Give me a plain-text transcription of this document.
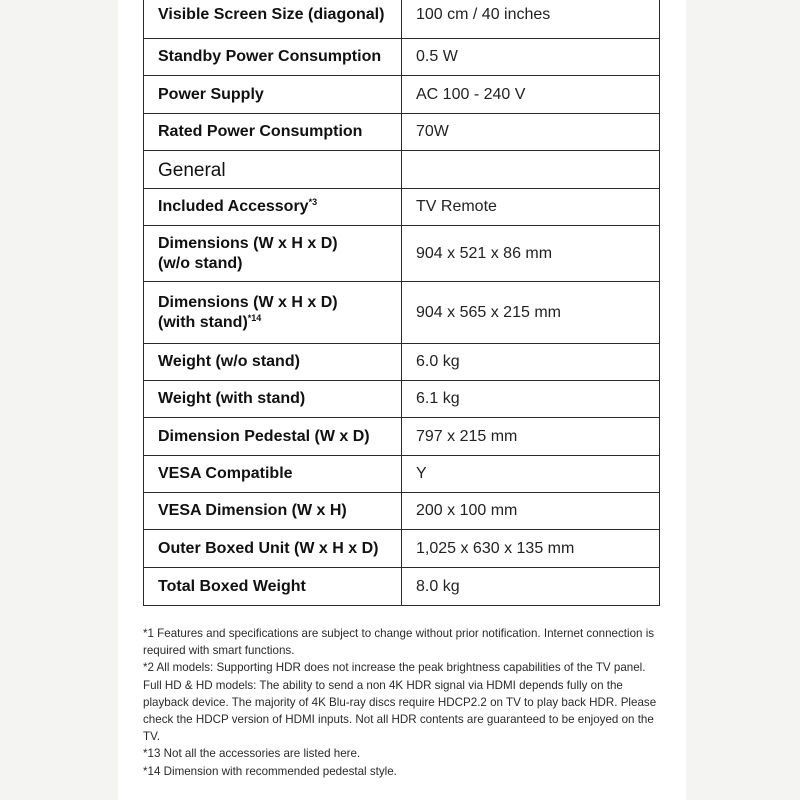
Visible Screen Size (diagonal)	100 cm / 40 inches
Standby Power Consumption	0.5 W
Power Supply	AC 100 - 240 V
Rated Power Consumption	70W
General	
Included Accessory$^{*3}$	TV Remote
Dimensions (W x H x D)
(w/o stand)	904 x 521 x 86 mm
Dimensions (W x H x D)
(with stand)$^{*14}$	904 x 565 x 215 mm
Weight (w/o stand)	6.0 kg
Weight (with stand)	6.1 kg
Dimension Pedestal (W x D)	797 x 215 mm
VESA Compatible	Y
VESA Dimension (W x H)	200 x 100 mm
Outer Boxed Unit (W x H x D)	1,025 x 630 x 135 mm
Total Boxed Weight	8.0 kg

*1 Features and specifications are subject to change without prior notification. Internet connection is required with smart functions.

*2 All models: Supporting HDR does not increase the peak brightness capabilities of the TV panel. Full HD & HD models: The ability to send a non 4K HDR signal via HDMI depends fully on the playback device. The majority of 4K Blu-ray discs require HDCP2.2 on TV to play back HDR. Please check the HDCP version of HDMI inputs. Not all HDR contents are guaranteed to be enjoyed on the TV.

*13 Not all the accessories are listed here.

*14 Dimension with recommended pedestal style.
